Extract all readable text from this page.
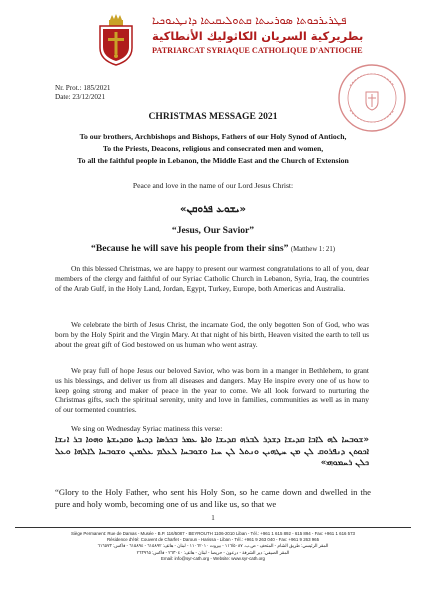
ܦܛܪܝܪܟܘܬܐ ܣܘܪܝܝܬܐ ܩܬܘܠܝܩܝܬܐ ܕܐܢܛܝܘܟܝܐ
بطريركية السريان الكاثوليك الأنطاكية
PATRIARCAT SYRIAQUE CATHOLIQUE D'ANTIOCHE
Nr. Prot.: 185/2021
Date: 23/12/2021
CHRISTMAS MESSAGE 2021
To our brothers, Archbishops and Bishops, Fathers of our Holy Synod of Antioch,
To the Priests, Deacons, religious and consecrated men and women,
To all the faithful people in Lebanon, the Middle East and the Church of Extension
Peace and love in the name of our Lord Jesus Christ:
«ܝܫܘܥ ܦܪܘܩܢ»
“Jesus, Our Savior”
“Because he will save his people from their sins” (Matthew 1: 21)

On this blessed Christmas, we are happy to present our warmest congratulations to all of you, dear members of the clergy and faithful of our Syriac Catholic Church in Lebanon, Syria, Iraq, the countries of the Arab Gulf, in the Holy Land, Jordan, Egypt, Turkey, Europe, both Americas and Australia.

We celebrate the birth of Jesus Christ, the incarnate God, the only begotten Son of God, who was born by the Holy Spirit and the Virgin Mary. At that night of his birth, Heaven visited the earth to tell us about the great gift of God bestowed on us human who went astray.

We pray full of hope Jesus our beloved Savior, who was born in a manger in Bethlehem, to grant us his blessings, and deliver us from all diseases and dangers. May He inspire every one of us how to keep going strong and maker of peace in the year to come. We all look forward to nurturing the Christmas gifts, such the spiritual serenity, unity and love in families, communities as well as in many of our tormented countries.

We sing on Wednesday Syriac matiness this verse:

«ܫܘܒܚܐ ܠܗ ܠܐܒܐ ܩܕܝܫܐ ܕܫܕܪ ܠܒܪܗ ܩܕܝܫܐ ܘܐܬܐ ܥܡܪ ܒܟܪܣܐ ܕܟܝܬܐ ܘܩܕܝܫܬܐ ܘܗܘܐ ܒܪ ܐܢܫܐ ܐܟܘܬܢ ܕܢܦܪܘܩ ܠܢ ܡܢ ܚܛܗܝܢ ܘܢܬܠ ܠܢ ܚܝܐ ܘܫܘܒܚܐ ܠܥܠܡ ܥܠܡܝܢ ܘܫܘܒܚܐ ܠܐܠܗܐ ܘܥܠ ܟܠܢ ܪܚܡܘܗܝ»
“Glory to the Holy Father, who sent his Holy Son, so he came down and dwelled in the pure and holy womb, becoming one of us and like us, so that we
1
Siège Permanent: Rue de Damas - Musée - B.P. 116/5087 - BEYROUTH 1106-2010 Liban - Tél.: +961 1 615 892 - 615 894 - Fax: +961 1 616 573
Résidence d'été: Couvent de Charfet - Daroun - Harissa - Liban - Tél.: +961 9 263 040 - Fax: +961 9 263 965
المقر الرئيسي: طريق الشام - المتحف - ص.ب. ١١٦/٥٠٨٧ - بيروت ١١٠٦٢٠١٠ - لبنان - هاتف: ٦١٥٨٩٢ - ٦١٥٨٩٤ - فاكس: ٦١٦٥٧٣
المقر الصيفي: دير الشرفة - درعون - حريصا - لبنان - هاتف: ٢٦٣٠٤٠ - فاكس: ٢٦٣٩٦٥
Email: info@syr-cath.org - Website: www.syr-cath.org
